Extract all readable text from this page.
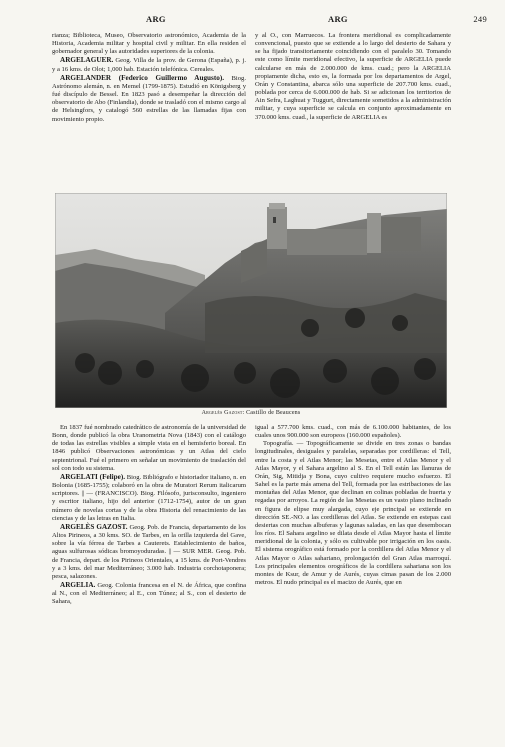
ARG	ARG	249

rianza; Biblioteca, Museo, Observatorio astronómico, Academia de la Historia, Academia militar y hospital civil y militar. En ella residen el gobernador general y las autoridades superiores de la colonia.

ARGELAGUER. Geog. Villa de la prov. de Gerona (España), p. j. y a 16 kms. de Olot; 1,000 hab. Estación telefónica. Cereales.

ARGELANDER (Federico Guillermo Augusto). Biog. Astrónomo alemán, n. en Memel (1799-1875). Estudió en Königsberg y fué discípulo de Bessel. En 1823 pasó a desempeñar la dirección del observatorio de Abo (Finlandia), donde se trasladó con el mismo cargo al de Helsingfors, y catalogó 560 estrellas de las llamadas fijas con movimiento propio.

y al O., con Marruecos. La frontera meridional es complicadamente convencional, puesto que se extiende a lo largo del desierto de Sahara y se ha fijado transitoriamente coincidiendo con el paralelo 30. Tomando este como límite meridional efectivo, la superficie de ARGELIA puede calcularse en más de 2.000.000 de kms. cuad.; pero la ARGELIA propiamente dicha, esto es, la formada por los departamentos de Argel, Orán y Constantina, abarca sólo una superficie de 207.700 kms. cuad., poblada por cerca de 6.000.000 de hab. Si se adicionan los territorios de Ain Sefra, Laghuat y Tuggurt, directamente sometidos a la administración militar, y cuya superficie se calcula en conjunto aproximadamente en 370.000 kms. cuad., la superficie de ARGELIA es

Argelès Gazost: Castillo de Beaucens

En 1837 fué nombrado catedrático de astronomía de la universidad de Bonn, donde publicó la obra Uranometria Nova (1843) con el catálogo de todas las estrellas visibles a simple vista en el hemisferio boreal. En 1846 publicó Observaciones astronómicas y un Atlas del cielo septentrional. Fué el primero en señalar un movimiento de traslación del sol con todo su sistema.

ARGELATI (Felipe). Biog. Bibliógrafo e historiador italiano, n. en Bolonia (1685-1755); colaboró en la obra de Muratori Rerum italicarum scriptores. || — (FRANCISCO). Biog. Filósofo, jurisconsulto, ingeniero y escritor italiano, hijo del anterior (1712-1754), autor de un gran número de novelas cortas y de la obra Historia del renacimiento de las ciencias y de las letras en Italia.

ARGELÈS GAZOST. Geog. Pob. de Francia, departamento de los Altos Pirineos, a 30 kms. SO. de Tarbes, en la orilla izquierda del Gave, sobre la vía férrea de Tarbes a Cauterets. Establecimiento de baños, aguas sulfurosas sódicas bromoyoduradas. || — SUR MER. Geog. Pob. de Francia, depart. de los Pirineos Orientales, a 15 kms. de Port-Vendres y a 3 kms. del mar Mediterráneo; 3.000 hab. Industria corchotaponera; pesca, salazones.

ARGELIA. Geog. Colonia francesa en el N. de África, que confina al N., con el Mediterráneo; al E., con Túnez; al S., con el desierto de Sahara,

igual a 577.700 kms. cuad., con más de 6.100.000 habitantes, de los cuales unos 900.000 son europeos (160.000 españoles).

Topografía. — Topográficamente se divide en tres zonas o bandas longitudinales, desiguales y paralelas, separadas por cordilleras: el Tell, entre la costa y el Atlas Menor; las Mesetas, entre el Atlas Menor y el Atlas Mayor, y el Sahara argelino al S. En el Tell están las llanuras de Orán, Sig, Mitidja y Bona, cuyo cultivo requiere mucho esfuerzo. El Sahel es la parte más amena del Tell, formada por las estribaciones de las montañas del Atlas Menor, que declinan en colinas pobladas de huerta y regadas por arroyos. La región de las Mesetas es un vasto plano inclinado en figura de elipse muy alargada, cuyo eje principal se extiende en dirección SE.-NO. a las cordilleras del Atlas. Se extiende en estepas casi desiertas con muchas albuferas y lagunas saladas, en las que desembocan los ríos. El Sahara argelino se dilata desde el Atlas Mayor hasta el límite meridional de la colonia, y sólo es cultivable por irrigación en los oasis. El sistema orográfico está formado por la cordillera del Atlas Menor y el Atlas Mayor o Atlas sahariano, prolongación del Gran Atlas marroquí. Los principales elementos orográficos de la cordillera sahariana son los montes de Ksur, de Amur y de Aurés, cuyas cimas pasan de los 2.000 metros. El nudo principal es el macizo de Aurés, que en
